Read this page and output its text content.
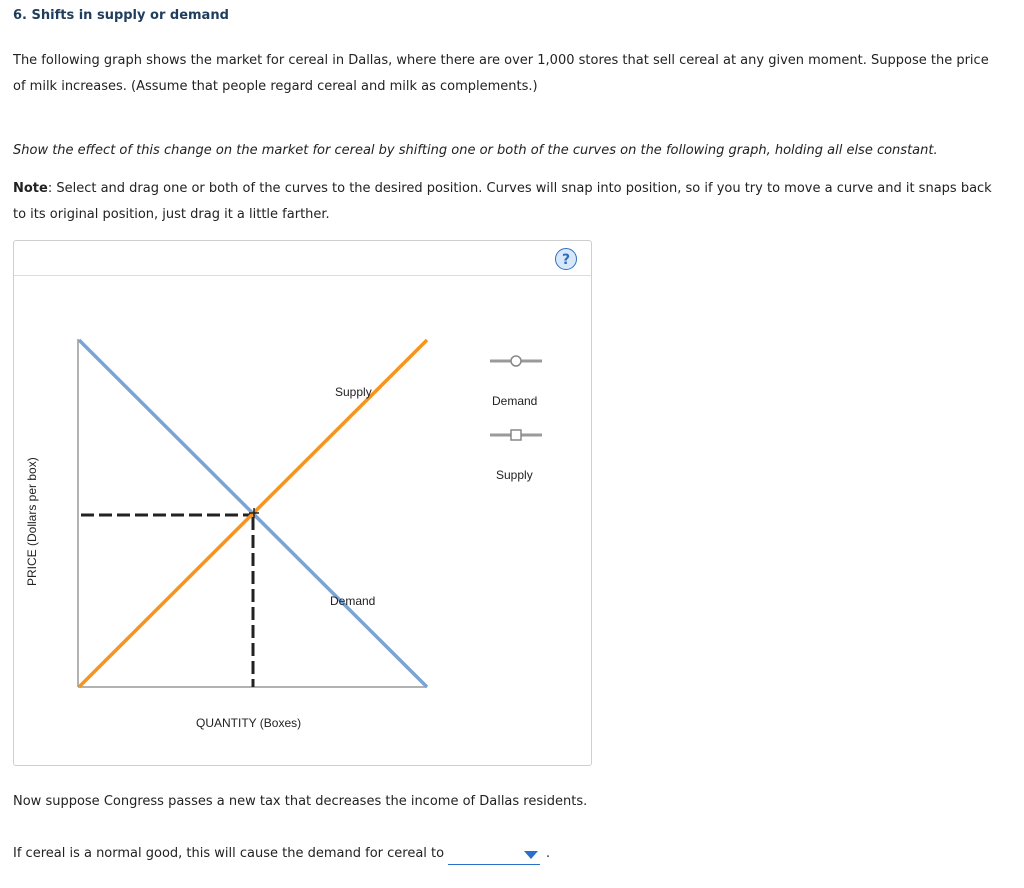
6. Shifts in supply or demand
The following graph shows the market for cereal in Dallas, where there are over 1,000 stores that sell cereal at any given moment. Suppose the price of milk increases. (Assume that people regard cereal and milk as complements.)
Show the effect of this change on the market for cereal by shifting one or both of the curves on the following graph, holding all else constant.
Note: Select and drag one or both of the curves to the desired position. Curves will snap into position, so if you try to move a curve and it snaps back to its original position, just drag it a little farther.
?
Supply
Demand
QUANTITY (Boxes)
PRICE (Dollars per box)
Demand
Supply
Now suppose Congress passes a new tax that decreases the income of Dallas residents.
If cereal is a normal good, this will cause the demand for cereal to	.
